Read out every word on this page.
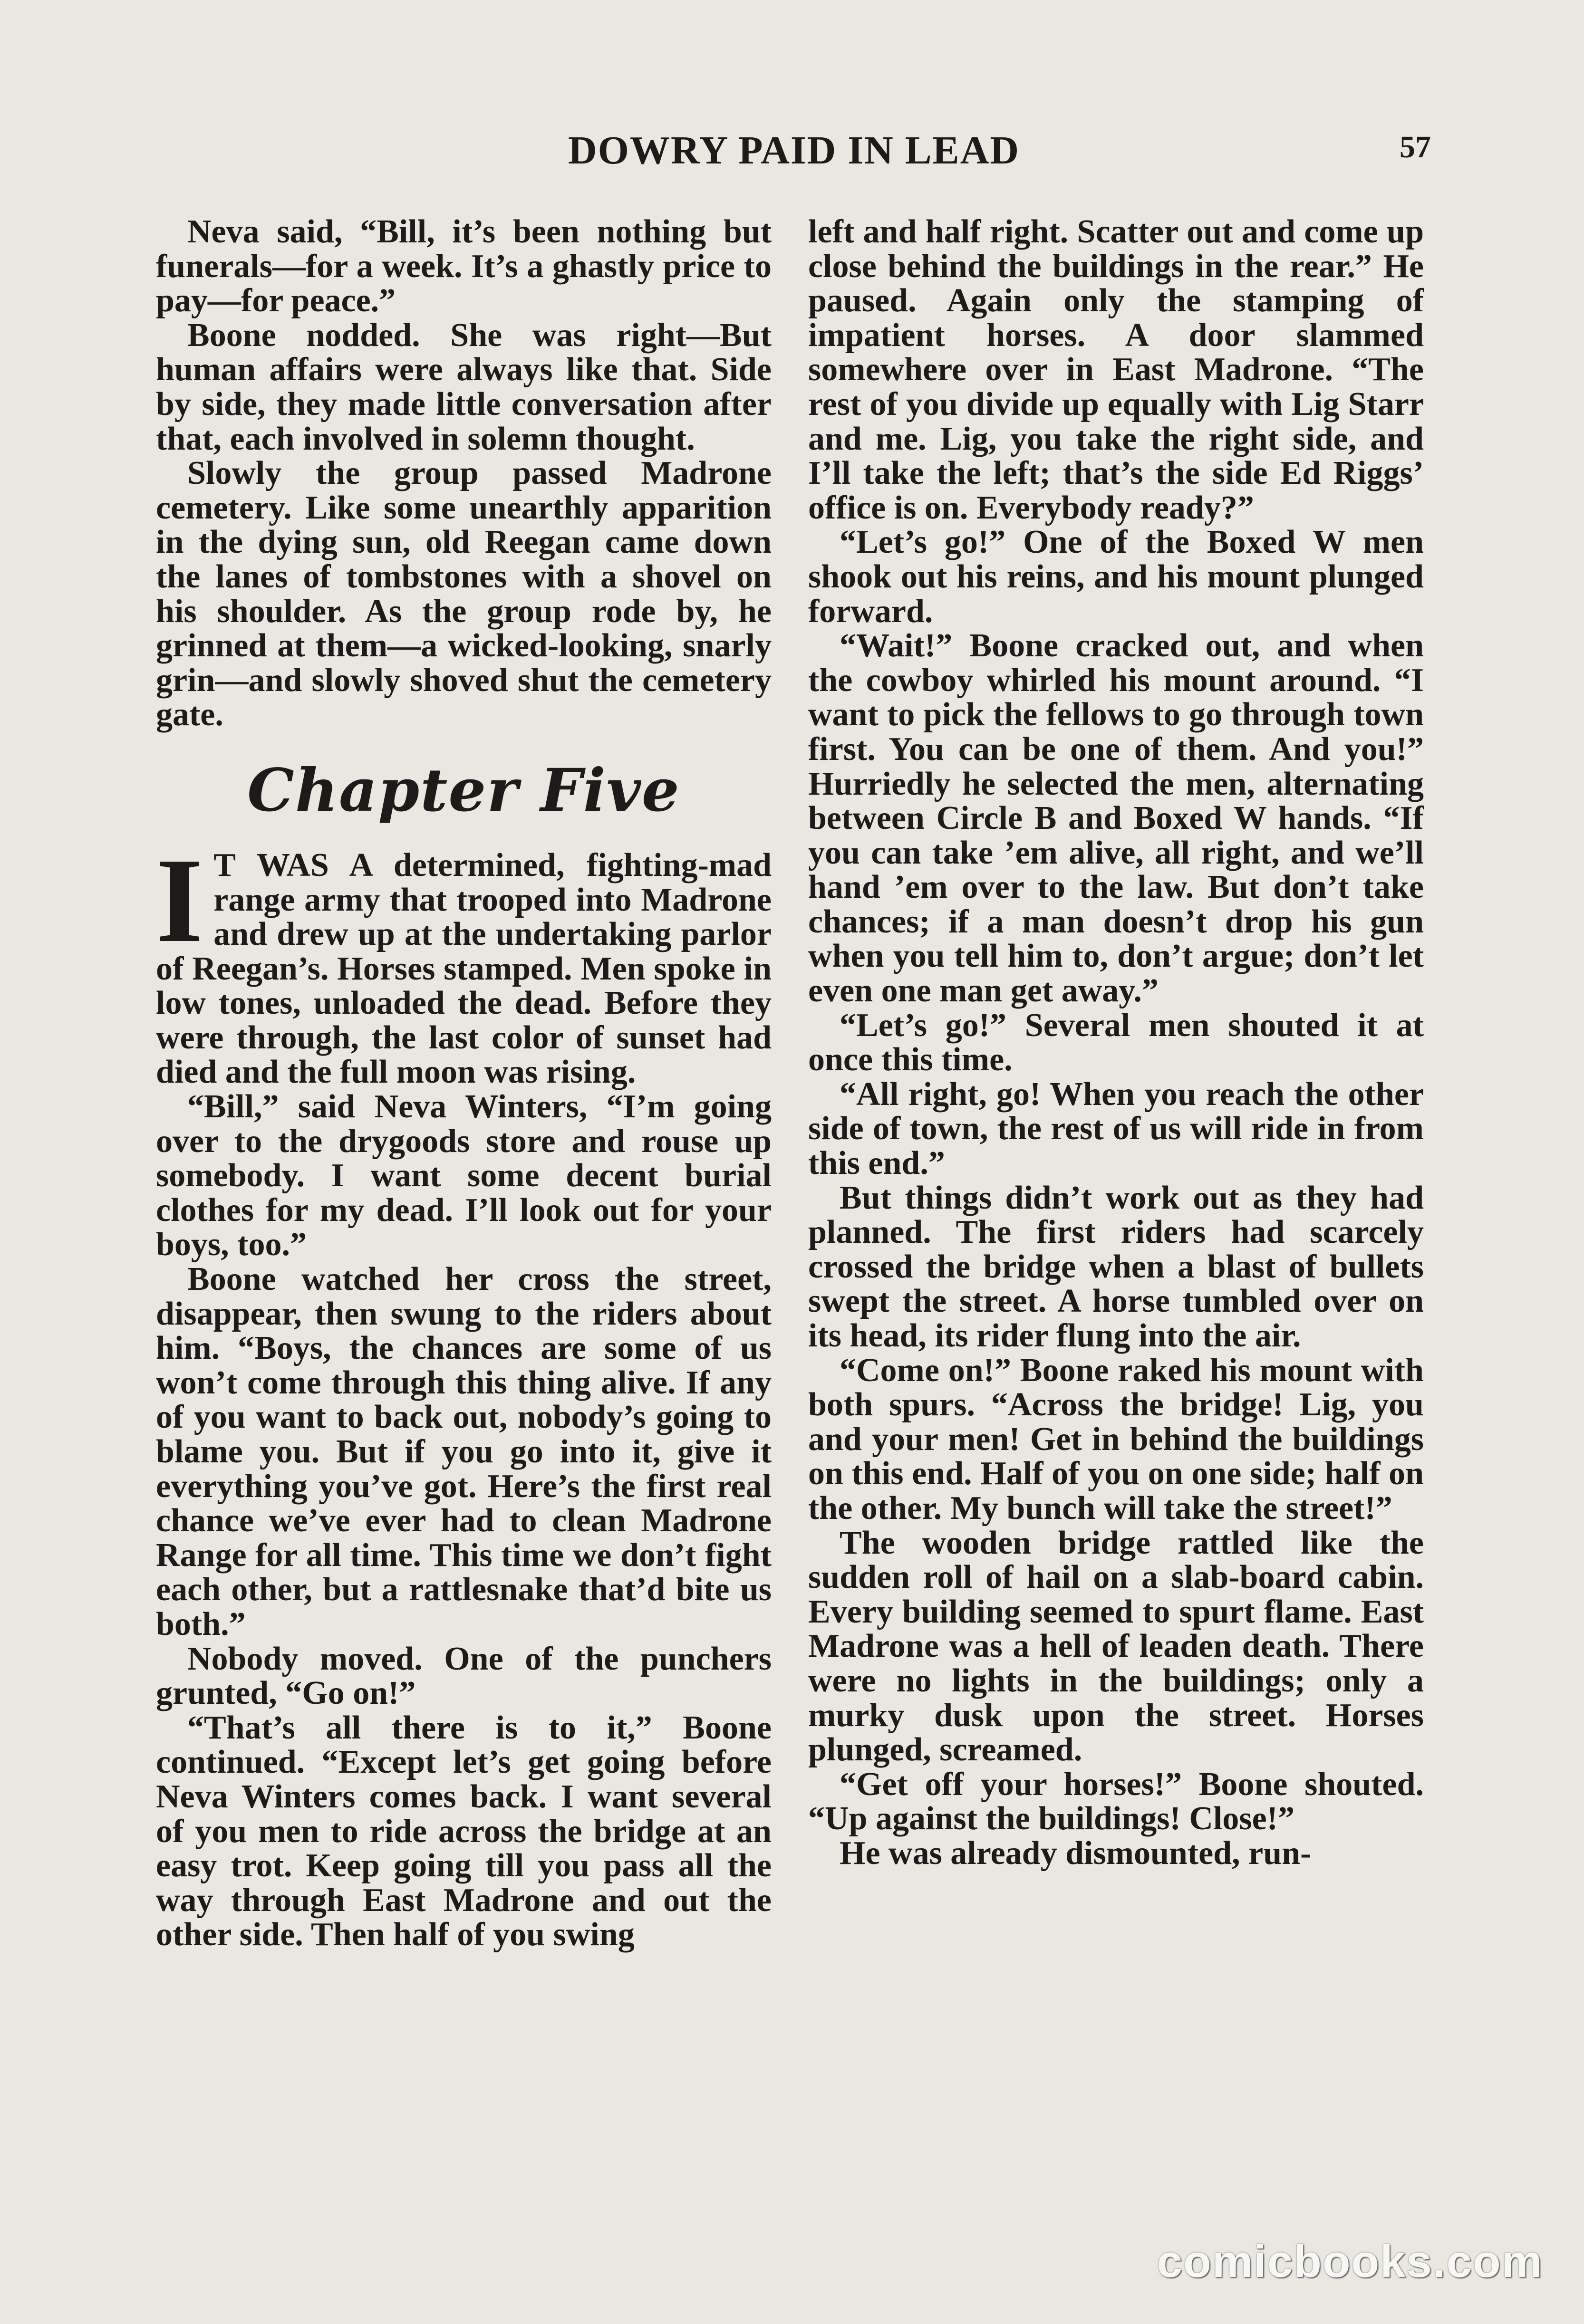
DOWRY PAID IN LEAD	57

Neva said, “Bill, it’s been nothing but funerals—for a week. It’s a ghastly price to pay—for peace.”

Boone nodded. She was right—But human affairs were always like that. Side by side, they made little conversation after that, each involved in solemn thought.

Slowly the group passed Madrone cemetery. Like some unearthly apparition in the dying sun, old Reegan came down the lanes of tombstones with a shovel on his shoulder. As the group rode by, he grinned at them—a wicked-looking, snarly grin—and slowly shoved shut the cemetery gate.

Chapter Five
I T WAS A determined, fighting-mad range army that trooped into Madrone and drew up at the undertaking parlor of Reegan’s. Horses stamped. Men spoke in low tones, unloaded the dead. Before they were through, the last color of sunset had died and the full moon was rising.

“Bill,” said Neva Winters, “I’m going over to the drygoods store and rouse up somebody. I want some decent burial clothes for my dead. I’ll look out for your boys, too.”

Boone watched her cross the street, disappear, then swung to the riders about him. “Boys, the chances are some of us won’t come through this thing alive. If any of you want to back out, nobody’s going to blame you. But if you go into it, give it everything you’ve got. Here’s the first real chance we’ve ever had to clean Madrone Range for all time. This time we don’t fight each other, but a rattlesnake that’d bite us both.”

Nobody moved. One of the punchers grunted, “Go on!”

“That’s all there is to it,” Boone continued. “Except let’s get going before Neva Winters comes back. I want several of you men to ride across the bridge at an easy trot. Keep going till you pass all the way through East Madrone and out the other side. Then half of you swing

left and half right. Scatter out and come up close behind the buildings in the rear.” He paused. Again only the stamping of impatient horses. A door slammed somewhere over in East Madrone. “The rest of you divide up equally with Lig Starr and me. Lig, you take the right side, and I’ll take the left; that’s the side Ed Riggs’ office is on. Everybody ready?”

“Let’s go!” One of the Boxed W men shook out his reins, and his mount plunged forward.

“Wait!” Boone cracked out, and when the cowboy whirled his mount around. “I want to pick the fellows to go through town first. You can be one of them. And you!” Hurriedly he selected the men, alternating between Circle B and Boxed W hands. “If you can take ’em alive, all right, and we’ll hand ’em over to the law. But don’t take chances; if a man doesn’t drop his gun when you tell him to, don’t argue; don’t let even one man get away.”

“Let’s go!” Several men shouted it at once this time.

“All right, go! When you reach the other side of town, the rest of us will ride in from this end.”

But things didn’t work out as they had planned. The first riders had scarcely crossed the bridge when a blast of bullets swept the street. A horse tumbled over on its head, its rider flung into the air.

“Come on!” Boone raked his mount with both spurs. “Across the bridge! Lig, you and your men! Get in behind the buildings on this end. Half of you on one side; half on the other. My bunch will take the street!”

The wooden bridge rattled like the sudden roll of hail on a slab-board cabin. Every building seemed to spurt flame. East Madrone was a hell of leaden death. There were no lights in the buildings; only a murky dusk upon the street. Horses plunged, screamed.

“Get off your horses!” Boone shouted. “Up against the buildings! Close!”

He was already dismounted, run-

comicbooks.com
